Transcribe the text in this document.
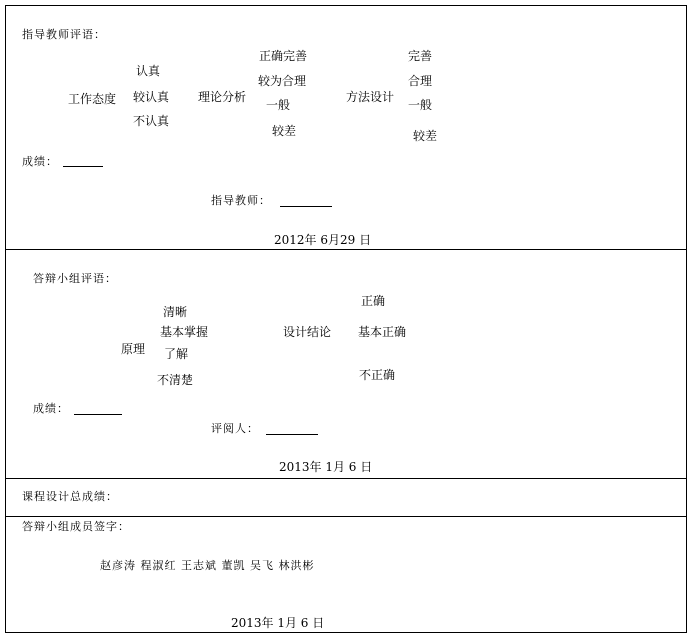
指导教师评语：
工作态度
认真
较认真
不认真
理论分析
正确完善
较为合理
一般
较差
方法设计
完善
合理
一般
较差
成绩：
指导教师：
2012年 6月29 日
答辩小组评语：
原理
清晰
基本掌握
了解
不清楚
设计结论
正确
基本正确
不正确
成绩：
评阅人：
2013年 1月 6 日
课程设计总成绩：
答辩小组成员签字：
赵彦涛 程淑红 王志斌 董凯 吴飞 林洪彬
2013年 1月 6 日
